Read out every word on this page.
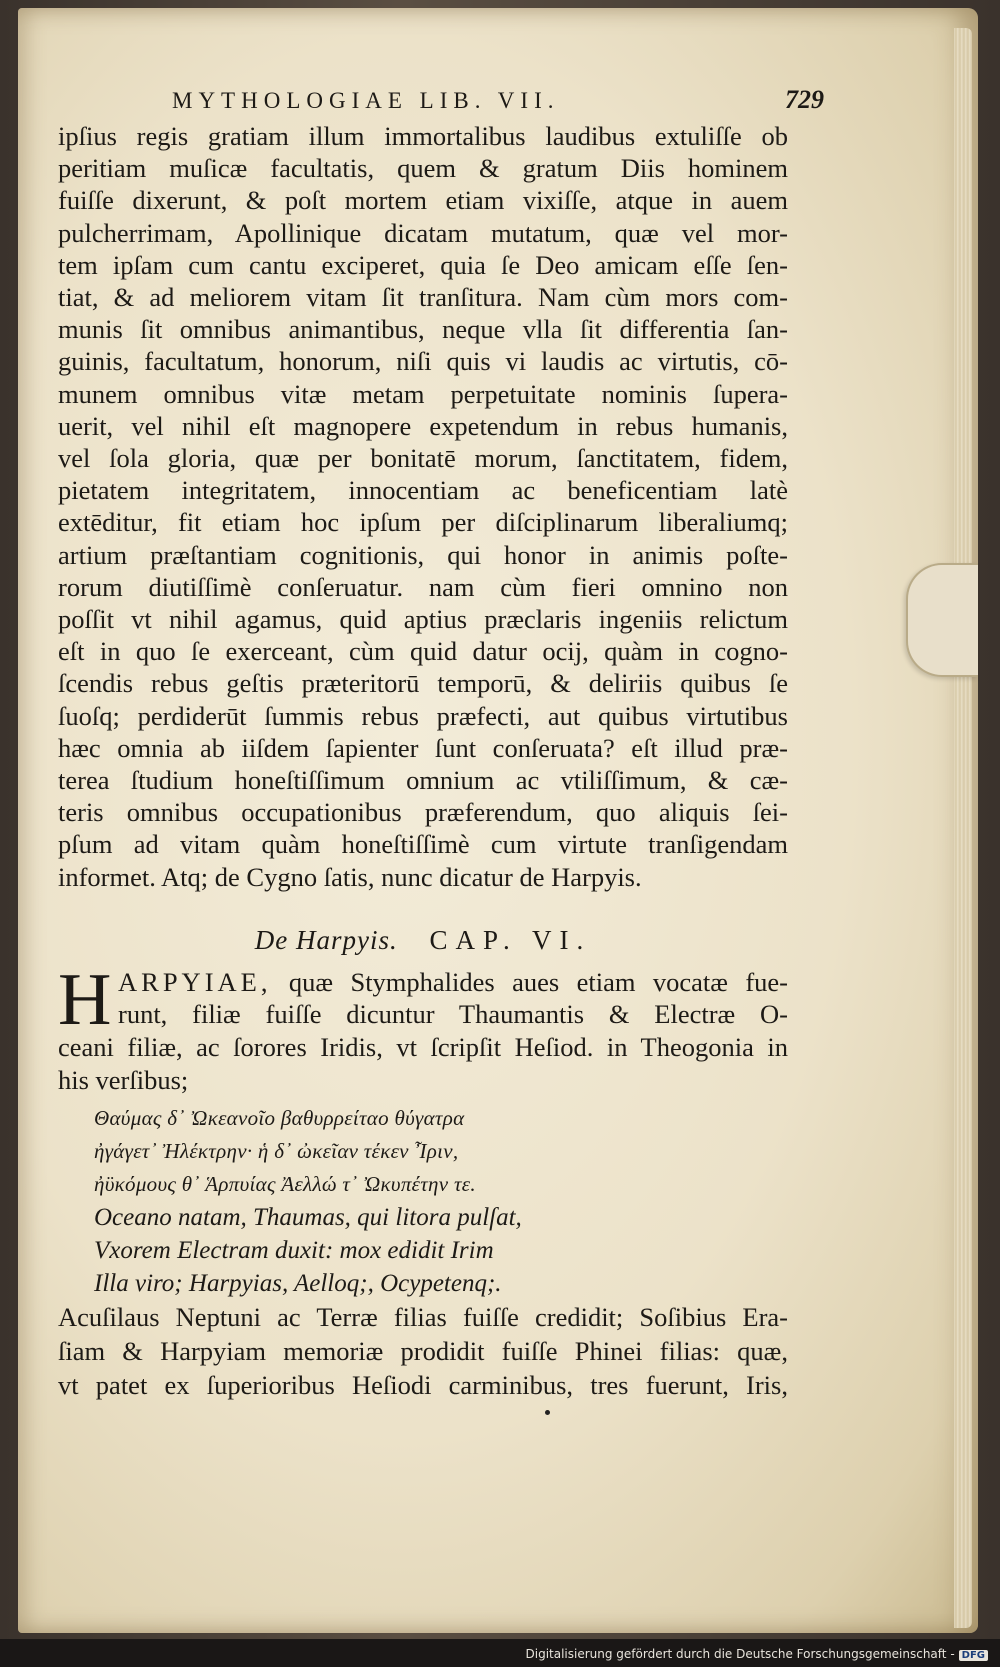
MYTHOLOGIAE LIB. VII.	729
ipſius regis gratiam illum immortalibus laudibus extuliſſe ob
peritiam muſicæ facultatis, quem & gratum Diis hominem
fuiſſe dixerunt, & poſt mortem etiam vixiſſe, atque in auem
pulcherrimam, Apollinique dicatam mutatum, quæ vel mor-
tem ipſam cum cantu exciperet, quia ſe Deo amicam eſſe ſen-
tiat, & ad meliorem vitam ſit tranſitura. Nam cùm mors com-
munis ſit omnibus animantibus, neque vlla ſit differentia ſan-
guinis, facultatum, honorum, niſi quis vi laudis ac virtutis, cō-
munem omnibus vitæ metam perpetuitate nominis ſupera-
uerit, vel nihil eſt magnopere expetendum in rebus humanis,
vel ſola gloria, quæ per bonitatē morum, ſanctitatem, fidem,
pietatem integritatem, innocentiam ac beneficentiam latè
extēditur, fit etiam hoc ipſum per diſciplinarum liberaliumq;
artium præſtantiam cognitionis, qui honor in animis poſte-
rorum diutiſſimè conſeruatur. nam cùm fieri omnino non
poſſit vt nihil agamus, quid aptius præclaris ingeniis relictum
eſt in quo ſe exerceant, cùm quid datur ocij, quàm in cogno-
ſcendis rebus geſtis præteritorū temporū, & deliriis quibus ſe
ſuoſq; perdiderūt ſummis rebus præfecti, aut quibus virtutibus
hæc omnia ab iiſdem ſapienter ſunt conſeruata? eſt illud præ-
terea ſtudium honeſtiſſimum omnium ac vtiliſſimum, & cæ-
teris omnibus occupationibus præferendum, quo aliquis ſei-
pſum ad vitam quàm honeſtiſſimè cum virtute tranſigendam
informet. Atq; de Cygno ſatis, nunc dicatur de Harpyis.
De Harpyis. CAP. VI.
H ARPYIAE, quæ Stymphalides aues etiam vocatæ fue-
runt, filiæ fuiſſe dicuntur Thaumantis & Electræ O-
ceani filiæ, ac ſorores Iridis, vt ſcripſit Heſiod. in Theogonia in
his verſibus;
Θαύμας δ᾽ Ὠκεανοῖο βαθυρρείταο θύγατρα
ἠγάγετ᾽ Ἠλέκτρην· ἡ δ᾽ ὠκεῖαν τέκεν Ἶριν,
ἠϋκόμους θ᾽ Ἁρπυίας Ἀελλώ τ᾽ Ὠκυπέτην τε.
Oceano natam, Thaumas, qui litora pulſat,
Vxorem Electram duxit: mox edidit Irim
Illa viro; Harpyias, Aelloq;, Ocypetenq;.
Acuſilaus Neptuni ac Terræ filias fuiſſe credidit; Soſibius Era-
ſiam & Harpyiam memoriæ prodidit fuiſſe Phinei filias: quæ,
vt patet ex ſuperioribus Heſiodi carminibus, tres fuerunt, Iris,
Digitalisierung gefördert durch die Deutsche Forschungsgemeinschaft - DFG
